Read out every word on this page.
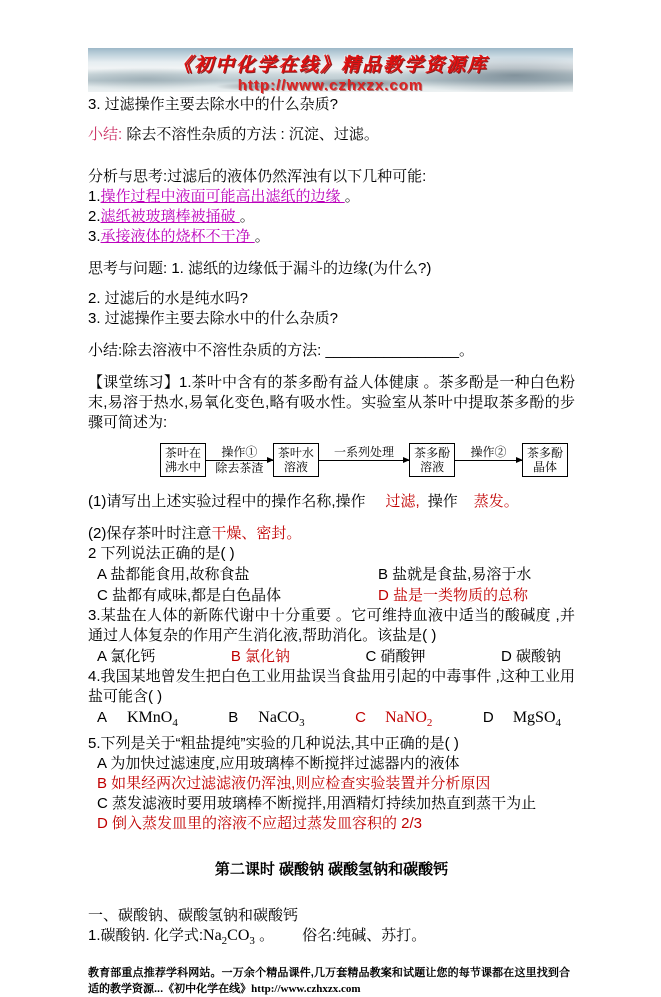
《初中化学在线》精品教学资源库
http://www.czhxzx.com
3. 过滤操作主要去除水中的什么杂质?
小结: 除去不溶性杂质的方法 : 沉淀、过滤。
分析与思考:过滤后的液体仍然浑浊有以下几种可能:
1.操作过程中液面可能高出滤纸的边缘 。
2.滤纸被玻璃棒被捅破 。
3.承接液体的烧杯不干净 。
思考与问题: 1. 滤纸的边缘低于漏斗的边缘(为什么?)
2. 过滤后的水是纯水吗?
3. 过滤操作主要去除水中的什么杂质?
小结:除去溶液中不溶性杂质的方法: ________________。
【课堂练习】1.茶叶中含有的茶多酚有益人体健康 。茶多酚是一种白色粉末,易溶于热水,易氧化变色,略有吸水性。实验室从茶叶中提取茶多酚的步骤可简述为:
茶叶在沸水中
操作①
除去茶渣
茶叶水溶液
一系列处理	茶多酚溶液
操作②	茶多酚晶体
(1)请写出上述实验过程中的操作名称,操作 过滤, 操作 蒸发。
(2)保存茶叶时注意干燥、密封。
2 下列说法正确的是( )
A 盐都能食用,故称食盐	B 盐就是食盐,易溶于水
C 盐都有咸味,都是白色晶体	D 盐是一类物质的总称
3.某盐在人体的新陈代谢中十分重要 。它可维持血液中适当的酸碱度 ,并通过人体复杂的作用产生消化液,帮助消化。该盐是( )
A 氯化钙	B 氯化钠	C 硝酸钾	D 碳酸钠
4.我国某地曾发生把白色工业用盐误当食盐用引起的中毒事件 ,这种工业用盐可能含( )
A KMnO$_4$	B NaCO$_3$	C NaNO$_2$	D MgSO$_4$
5.下列是关于“粗盐提纯”实验的几种说法,其中正确的是( )
A 为加快过滤速度,应用玻璃棒不断搅拌过滤器内的液体
B 如果经两次过滤滤液仍浑浊,则应检查实验装置并分析原因
C 蒸发滤液时要用玻璃棒不断搅拌,用酒精灯持续加热直到蒸干为止
D 倒入蒸发皿里的溶液不应超过蒸发皿容积的 2/3
第二课时 碳酸钠 碳酸氢钠和碳酸钙
一、碳酸钠、碳酸氢钠和碳酸钙
1.碳酸钠. 化学式$:Na_2CO_3$ 。 俗名:纯碱、苏打。
教育部重点推荐学科网站。一万余个精品课件,几万套精品教案和试题让您的每节课都在这里找到合适的教学资源...《初中化学在线》http://www.czhxzx.com
